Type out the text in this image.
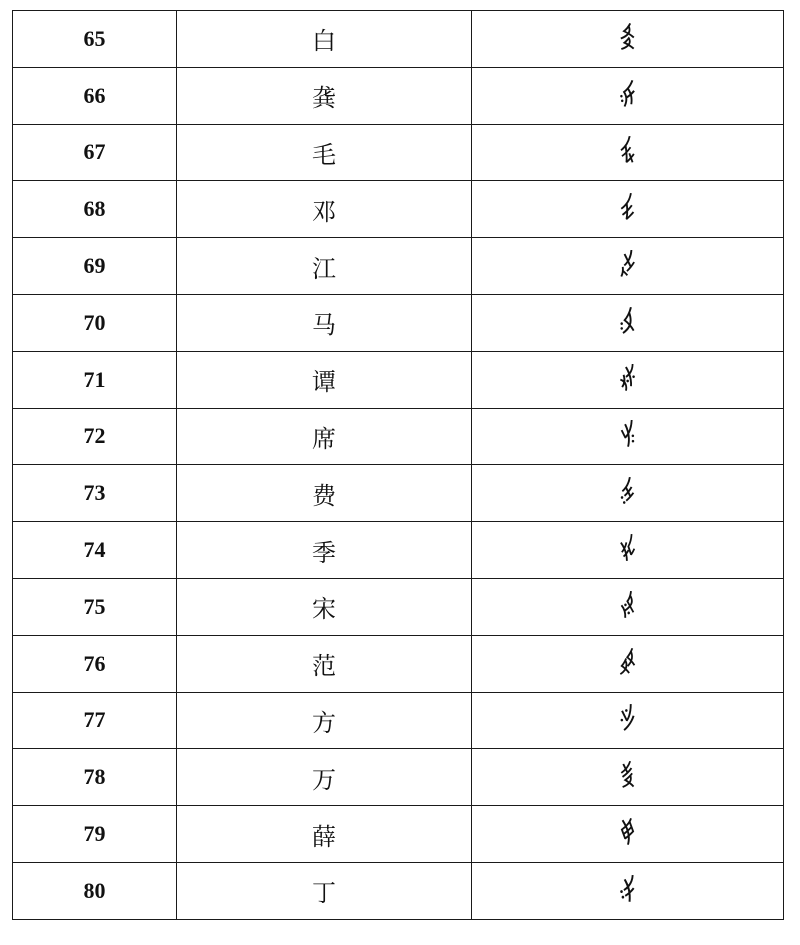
65	白	𛈁
66	龚	𛇣
67	毛	𛇂
68	邓	𛆞
69	江	𛆹
70	马	𛇋
71	谭	𛈃
72	席	𛇏
73	费	𛇼
74	季	𛈋
75	宋	𛇴
76	范	𛈊
77	方	𛆿
78	万	𛈔
79	薛	𛈌
80	丁	𛆸
